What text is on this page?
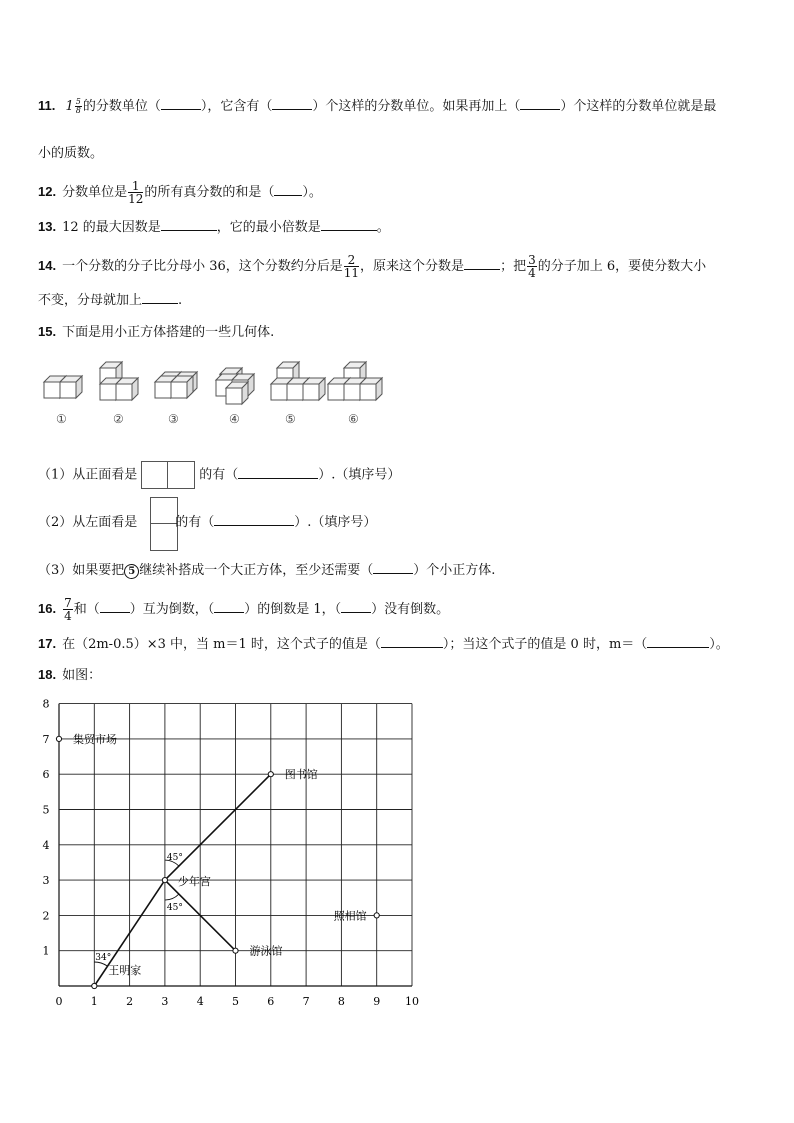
11. $1 \frac{5}{8}$ 的分数单位（	），它含有（	）个这样的分数单位。如果再加上（	）个这样的分数单位就是最
小的质数。
12. 分数单位是 $\frac{1}{12}$ 的所有真分数的和是（ ）。
13. 12 的最大因数是	，它的最小倍数是	。
14. 一个分数的分子比分母小 36，这个分数约分后是 $\frac{2}{11}$ ，原来这个分数是	；把 $\frac{3}{4}$ 的分子加上 6，要使分数大小
不变，分母就加上	.
15. 下面是用小正方体搭建的一些几何体.
①	②	③	④	⑤	⑥
（1）从正面看是	的有（	）.（填序号）
（2）从左面看是	的有（	）.（填序号）
（3）如果要把 5 继续补搭成一个大正方体，至少还需要（	）个小正方体.
16. $\frac{7}{4}$ 和（ ）互为倒数，（ ）的倒数是 1，（ ）没有倒数。
17. 在（2m-0.5）×3 中，当 m＝1 时，这个式子的值是（	）；当这个式子的值是 0 时，m＝（	）。
18. 如图：
0	1	2	3	4	5	6	7	8	9 10
1
2
3
4
5
6
7
8
34°
45°
45°
集贸市场
图书馆
少年宫
照相馆
游泳馆
王明家
